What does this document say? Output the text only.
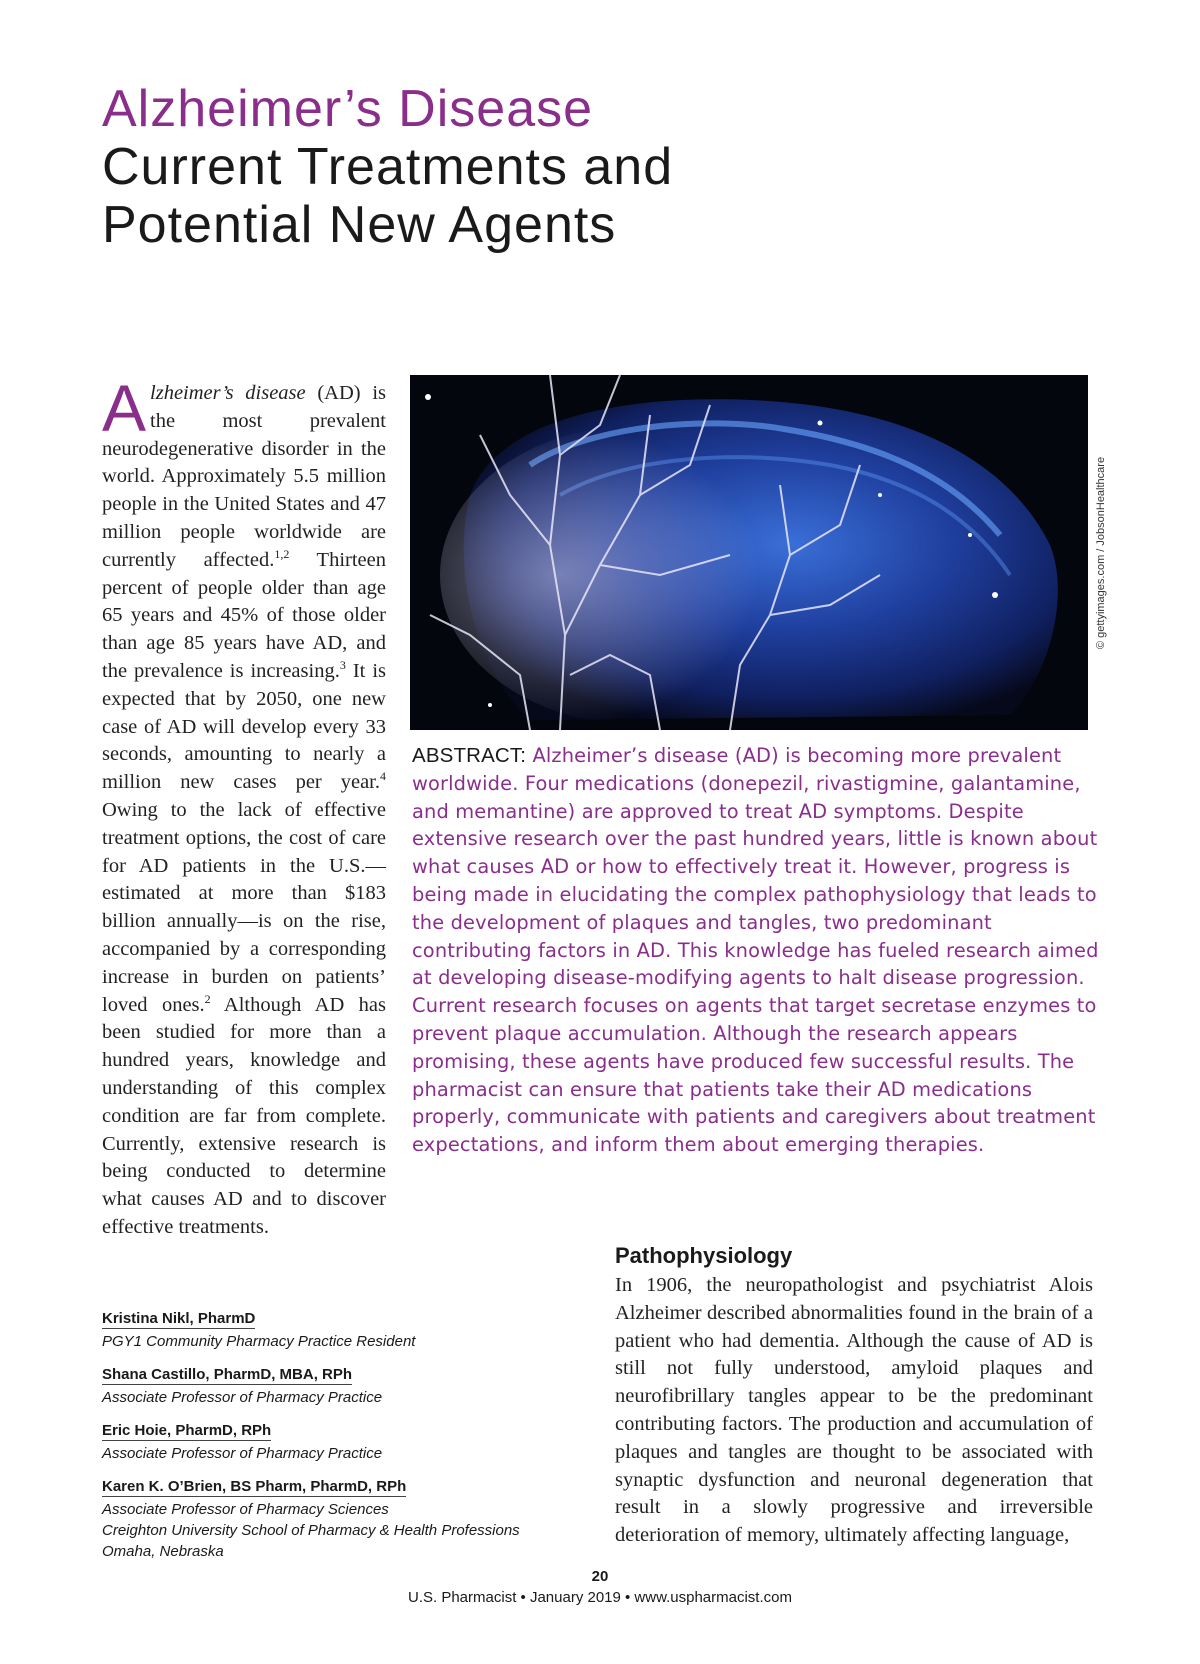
Alzheimer’s Disease
Current Treatments and
Potential New Agents
Alzheimer’s disease (AD) is the most prevalent neurodegenerative disorder in the world. Approximately 5.5 million people in the United States and 47 million people worldwide are currently affected.$^{1,2}$ Thirteen percent of people older than age 65 years and 45% of those older than age 85 years have AD, and the prevalence is increasing.$^3$ It is expected that by 2050, one new case of AD will develop every 33 seconds, amounting to nearly a million new cases per year.$^4$ Owing to the lack of effective treatment options, the cost of care for AD patients in the U.S.—estimated at more than $183 billion annually—is on the rise, accompanied by a corresponding increase in burden on patients’ loved ones.$^2$ Although AD has been studied for more than a hundred years, knowledge and understanding of this complex condition are far from complete. Currently, extensive research is being conducted to determine what causes AD and to discover effective treatments.
© gettyimages.com / JobsonHealthcare
ABSTRACT: Alzheimer’s disease (AD) is becoming more prevalent worldwide. Four medications (donepezil, rivastigmine, galantamine, and memantine) are approved to treat AD symptoms. Despite extensive research over the past hundred years, little is known about what causes AD or how to effectively treat it. However, progress is being made in elucidating the complex pathophysiology that leads to the development of plaques and tangles, two predominant contributing factors in AD. This knowledge has fueled research aimed at developing disease-modifying agents to halt disease progression. Current research focuses on agents that target secretase enzymes to prevent plaque accumulation. Although the research appears promising, these agents have produced few successful results. The pharmacist can ensure that patients take their AD medications properly, communicate with patients and caregivers about treatment expectations, and inform them about emerging therapies.
Pathophysiology
In 1906, the neuropathologist and psychiatrist Alois Alzheimer described abnormalities found in the brain of a patient who had dementia. Although the cause of AD is still not fully understood, amyloid plaques and neurofibrillary tangles appear to be the predominant contributing factors. The production and accumulation of plaques and tangles are thought to be associated with synaptic dysfunction and neuronal degeneration that result in a slowly progressive and irreversible deterioration of memory, ultimately affecting language,
Kristina Nikl, PharmD
PGY1 Community Pharmacy Practice Resident
Shana Castillo, PharmD, MBA, RPh
Associate Professor of Pharmacy Practice
Eric Hoie, PharmD, RPh
Associate Professor of Pharmacy Practice
Karen K. O’Brien, BS Pharm, PharmD, RPh
Associate Professor of Pharmacy Sciences
Creighton University School of Pharmacy & Health Professions
Omaha, Nebraska
20
U.S. Pharmacist • January 2019 • www.uspharmacist.com
